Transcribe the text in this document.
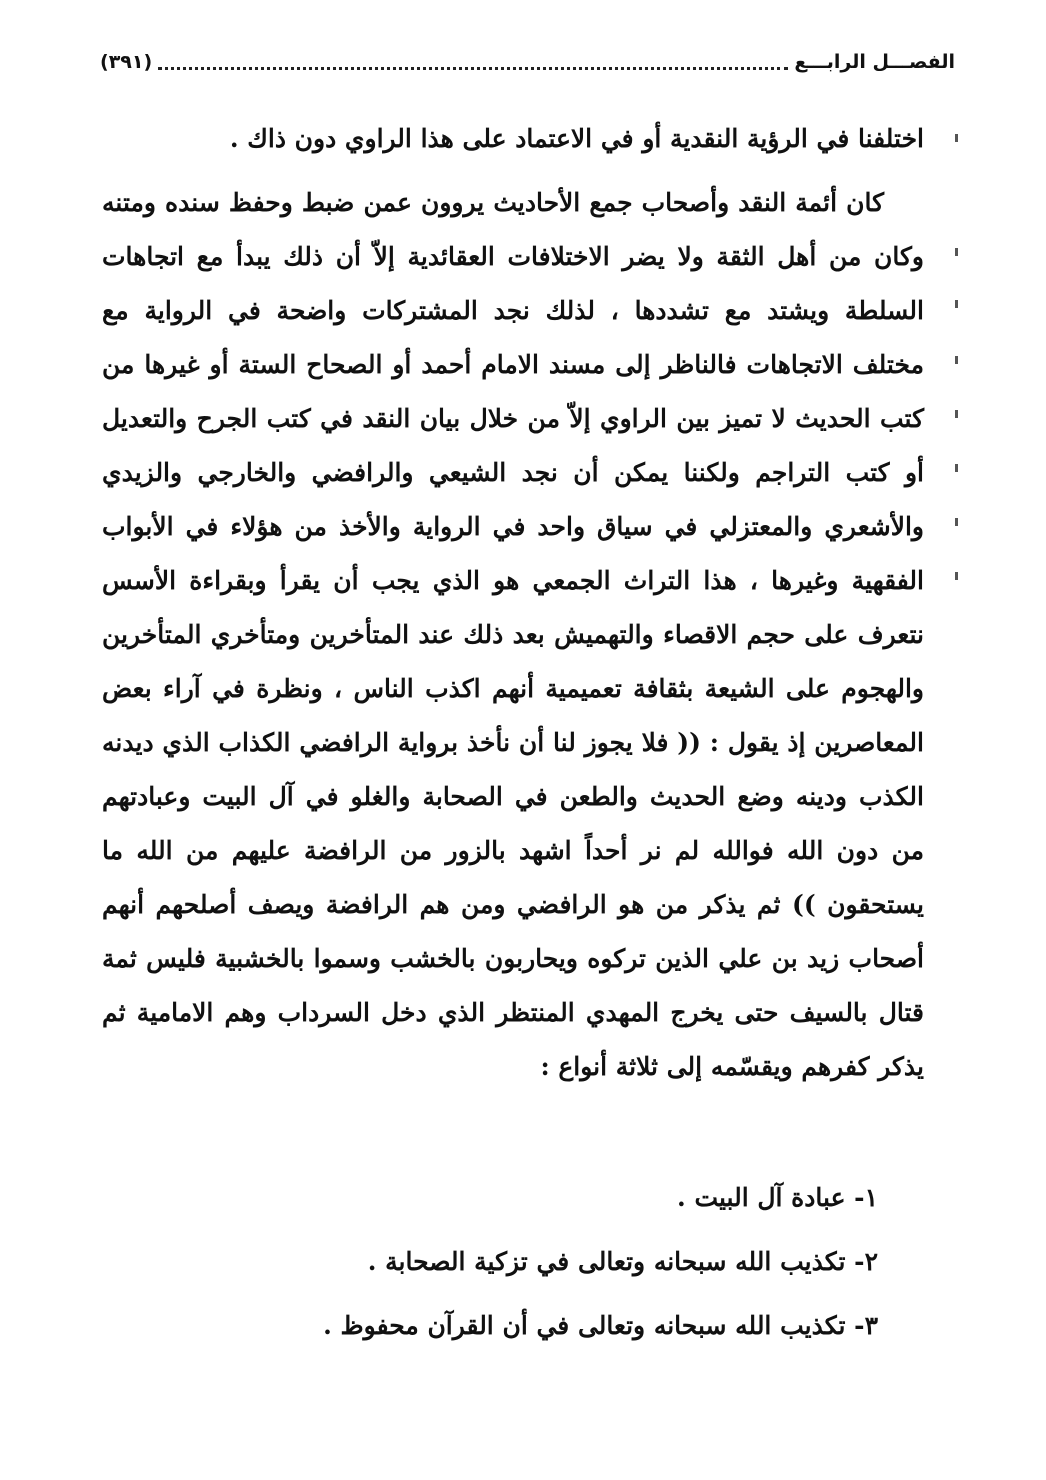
الفصـــل الرابـــع
(٣٩١)

اختلفنا في الرؤية النقدية أو في الاعتماد على هذا الراوي دون ذاك .

كان أئمة النقد وأصحاب جمع الأحاديث يروون عمن ضبط وحفظ سنده ومتنه وكان من أهل الثقة ولا يضر الاختلافات العقائدية إلاّ أن ذلك يبدأ مع اتجاهات السلطة ويشتد مع تشددها ، لذلك نجد المشتركات واضحة في الرواية مع مختلف الاتجاهات فالناظر إلى مسند الامام أحمد أو الصحاح الستة أو غيرها من كتب الحديث لا تميز بين الراوي إلاّ من خلال بيان النقد في كتب الجرح والتعديل أو كتب التراجم ولكننا يمكن أن نجد الشيعي والرافضي والخارجي والزيدي والأشعري والمعتزلي في سياق واحد في الرواية والأخذ من هؤلاء في الأبواب الفقهية وغيرها ، هذا التراث الجمعي هو الذي يجب أن يقرأ وبقراءة الأسس نتعرف على حجم الاقصاء والتهميش بعد ذلك عند المتأخرين ومتأخري المتأخرين والهجوم على الشيعة بثقافة تعميمية أنهم اكذب الناس ، ونظرة في آراء بعض المعاصرين إذ يقول : (( فلا يجوز لنا أن نأخذ برواية الرافضي الكذاب الذي ديدنه الكذب ودينه وضع الحديث والطعن في الصحابة والغلو في آل البيت وعبادتهم من دون الله فوالله لم نر أحداً اشهد بالزور من الرافضة عليهم من الله ما يستحقون )) ثم يذكر من هو الرافضي ومن هم الرافضة ويصف أصلحهم أنهم أصحاب زيد بن علي الذين تركوه ويحاربون بالخشب وسموا بالخشبية فليس ثمة قتال بالسيف حتى يخرج المهدي المنتظر الذي دخل السرداب وهم الامامية ثم يذكر كفرهم ويقسّمه إلى ثلاثة أنواع :

١- عبادة آل البيت .
٢- تكذيب الله سبحانه وتعالى في تزكية الصحابة .
٣- تكذيب الله سبحانه وتعالى في أن القرآن محفوظ .
